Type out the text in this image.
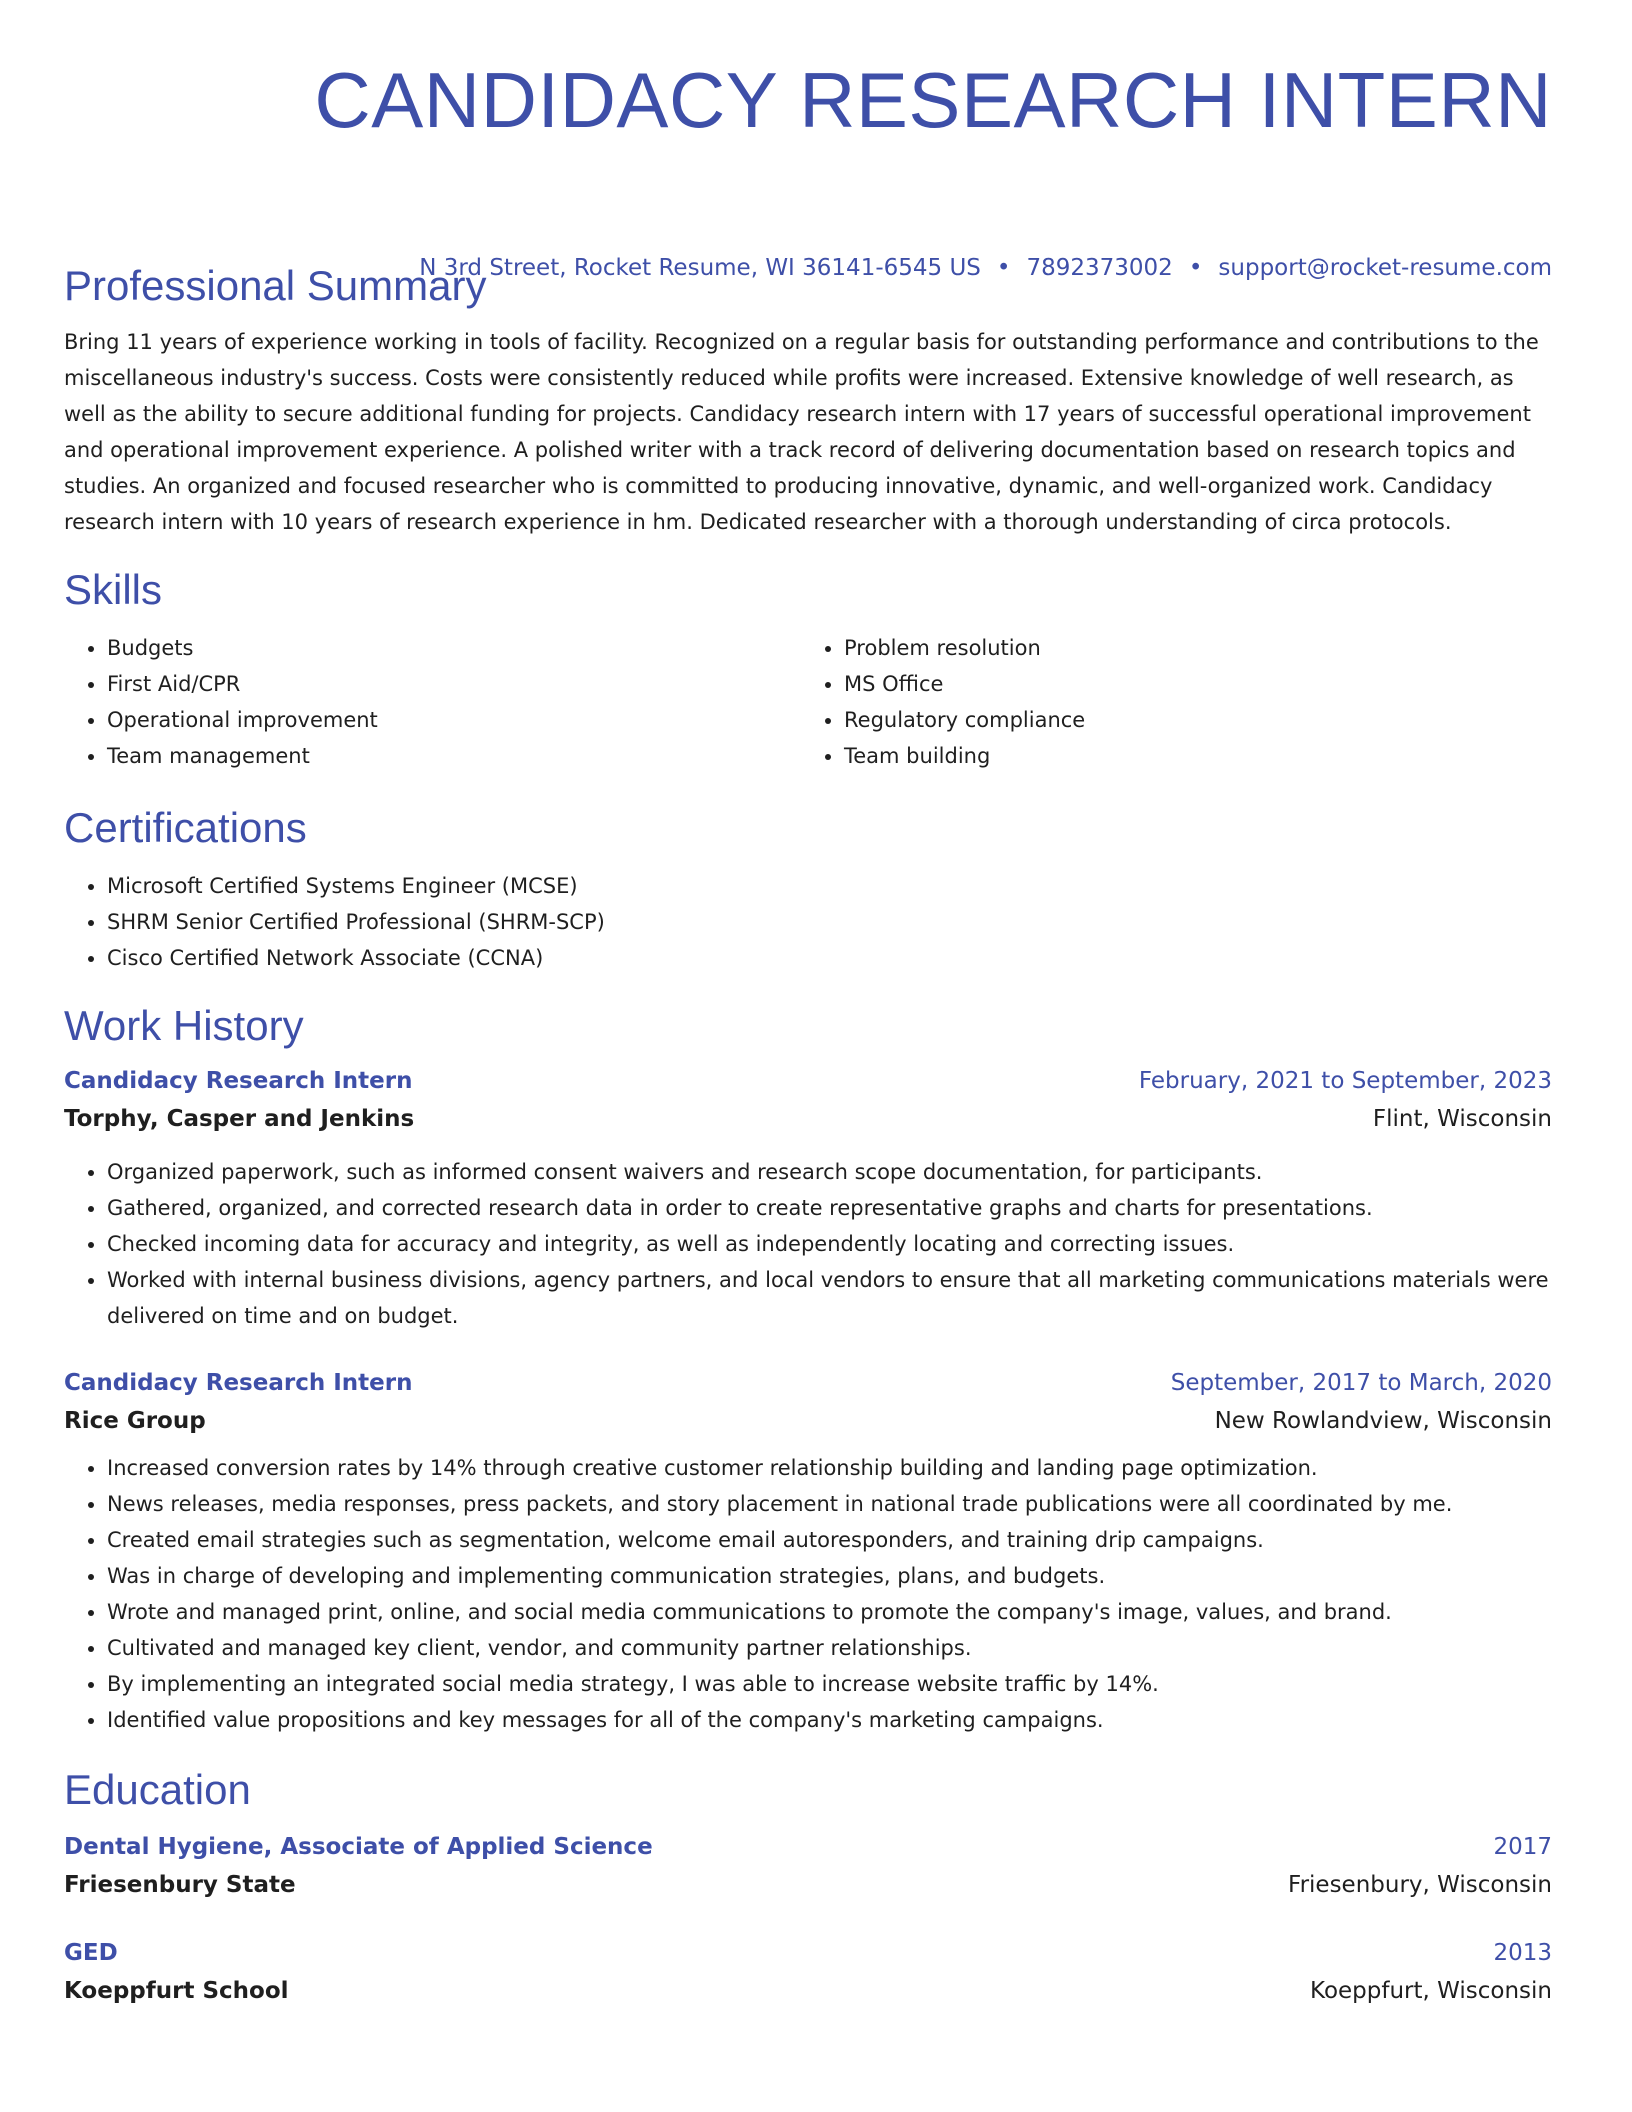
CANDIDACY RESEARCH INTERN
N 3rd Street, Rocket Resume, WI 36141-6545 US • 7892373002 • support@rocket-resume.com
Professional Summary

Bring 11 years of experience working in tools of facility. Recognized on a regular basis for outstanding performance and contributions to the miscellaneous industry's success. Costs were consistently reduced while profits were increased. Extensive knowledge of well research, as well as the ability to secure additional funding for projects. Candidacy research intern with 17 years of successful operational improvement and operational improvement experience. A polished writer with a track record of delivering documentation based on research topics and studies. An organized and focused researcher who is committed to producing innovative, dynamic, and well-organized work. Candidacy research intern with 10 years of research experience in hm. Dedicated researcher with a thorough understanding of circa protocols.

Skills
• Budgets
• First Aid/CPR
• Operational improvement
• Team management
• Problem resolution
• MS Office
• Regulatory compliance
• Team building
Certifications
• Microsoft Certified Systems Engineer (MCSE)
• SHRM Senior Certified Professional (SHRM-SCP)
• Cisco Certified Network Associate (CCNA)
Work History
Candidacy Research Intern	February, 2021 to September, 2023
Torphy, Casper and Jenkins	Flint, Wisconsin
• Organized paperwork, such as informed consent waivers and research scope documentation, for participants.
• Gathered, organized, and corrected research data in order to create representative graphs and charts for presentations.
• Checked incoming data for accuracy and integrity, as well as independently locating and correcting issues.
• Worked with internal business divisions, agency partners, and local vendors to ensure that all marketing communications materials were delivered on time and on budget.
Candidacy Research Intern	September, 2017 to March, 2020
Rice Group	New Rowlandview, Wisconsin
• Increased conversion rates by 14% through creative customer relationship building and landing page optimization.
• News releases, media responses, press packets, and story placement in national trade publications were all coordinated by me.
• Created email strategies such as segmentation, welcome email autoresponders, and training drip campaigns.
• Was in charge of developing and implementing communication strategies, plans, and budgets.
• Wrote and managed print, online, and social media communications to promote the company's image, values, and brand.
• Cultivated and managed key client, vendor, and community partner relationships.
• By implementing an integrated social media strategy, I was able to increase website traffic by 14%.
• Identified value propositions and key messages for all of the company's marketing campaigns.
Education
Dental Hygiene, Associate of Applied Science	2017
Friesenbury State	Friesenbury, Wisconsin
GED	2013
Koeppfurt School	Koeppfurt, Wisconsin
